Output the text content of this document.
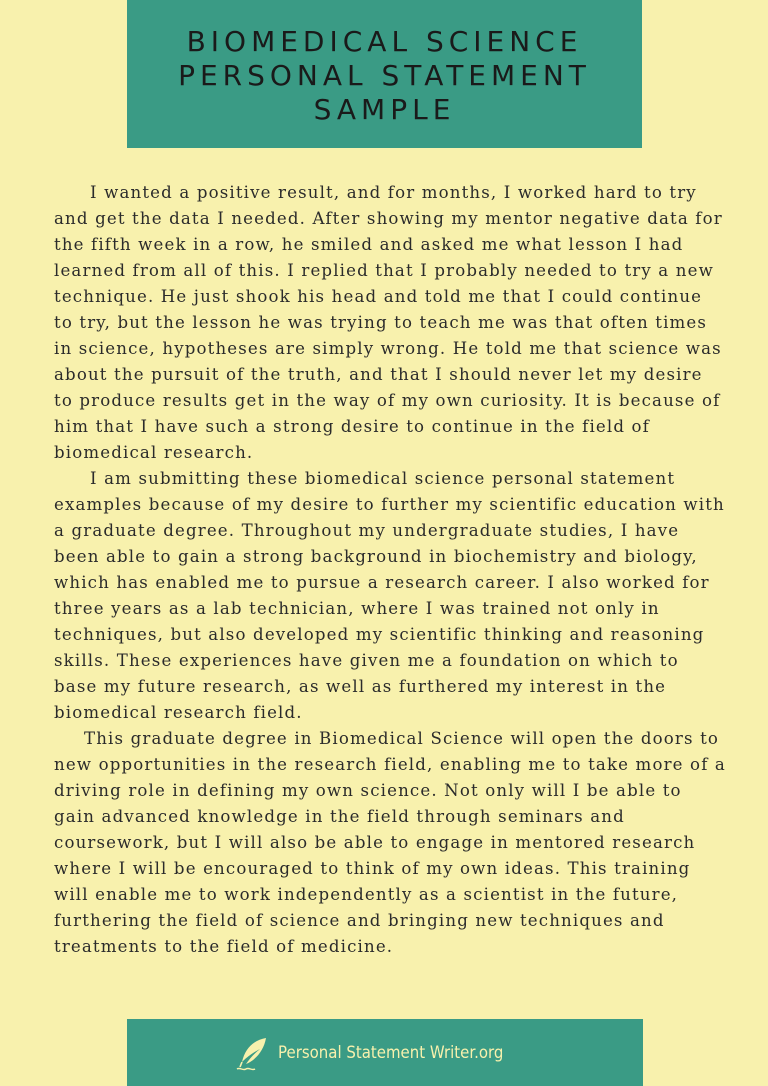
BIOMEDICAL SCIENCE
PERSONAL STATEMENT
SAMPLE

I wanted a positive result, and for months, I worked hard to try and get the data I needed. After showing my mentor negative data for the fifth week in a row, he smiled and asked me what lesson I had learned from all of this. I replied that I probably needed to try a new technique. He just shook his head and told me that I could continue to try, but the lesson he was trying to teach me was that often times in science, hypotheses are simply wrong. He told me that science was about the pursuit of the truth, and that I should never let my desire to produce results get in the way of my own curiosity. It is because of him that I have such a strong desire to continue in the field of biomedical research.

I am submitting these biomedical science personal statement examples because of my desire to further my scientific education with a graduate degree. Throughout my undergraduate studies, I have been able to gain a strong background in biochemistry and biology, which has enabled me to pursue a research career. I also worked for three years as a lab technician, where I was trained not only in techniques, but also developed my scientific thinking and reasoning skills. These experiences have given me a foundation on which to base my future research, as well as furthered my interest in the biomedical research field.

This graduate degree in Biomedical Science will open the doors to new opportunities in the research field, enabling me to take more of a driving role in defining my own science. Not only will I be able to gain advanced knowledge in the field through seminars and coursework, but I will also be able to engage in mentored research where I will be encouraged to think of my own ideas. This training will enable me to work independently as a scientist in the future, furthering the field of science and bringing new techniques and treatments to the field of medicine.

Personal Statement Writer.org
